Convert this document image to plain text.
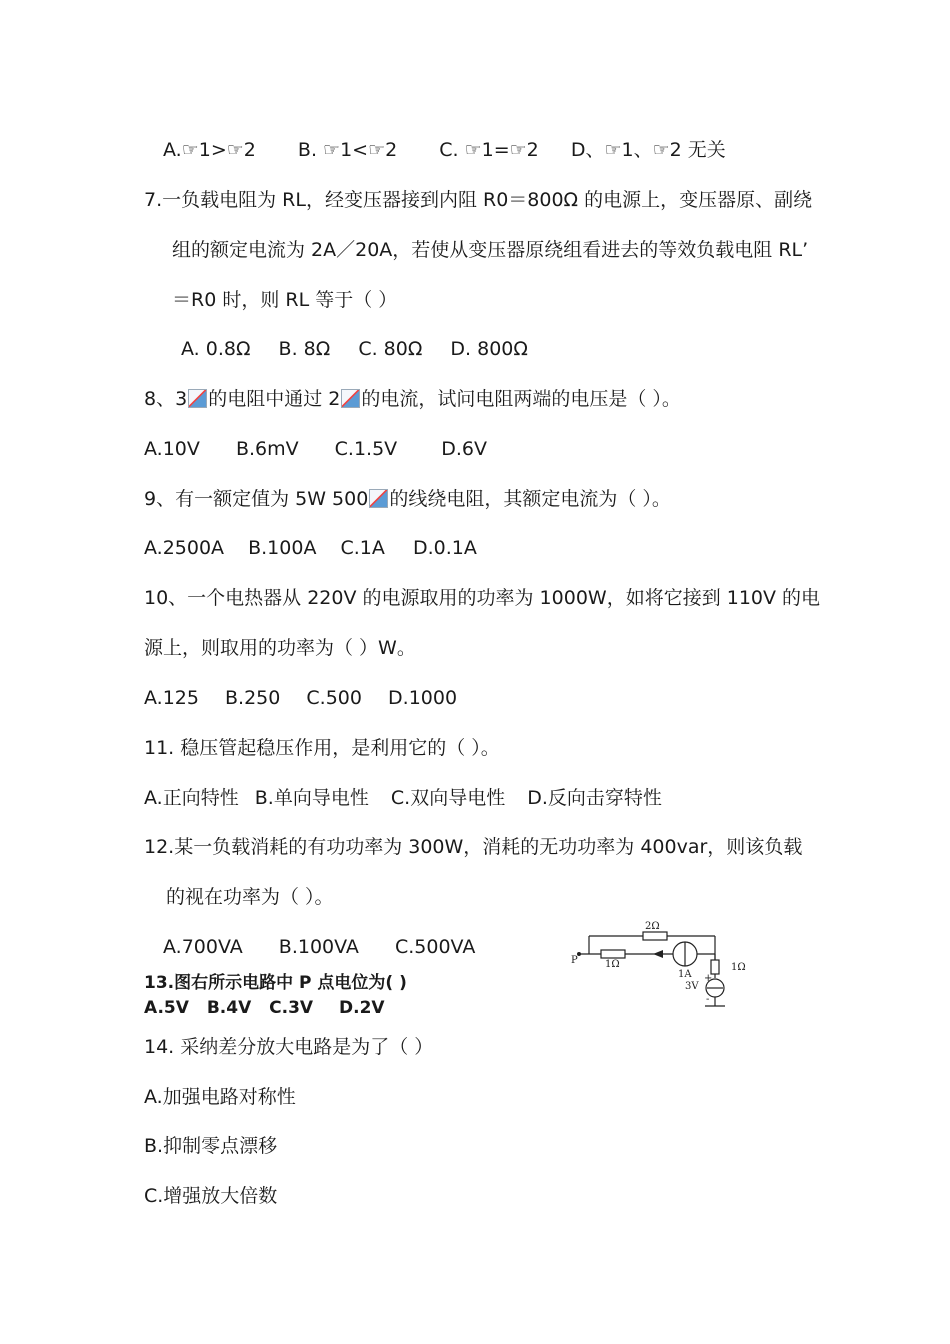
A.☞1>☞2 B. ☞1<☞2 C. ☞1=☞2 D、☞1、☞2 无关
7.一负载电阻为 RL，经变压器接到内阻 R0＝800Ω 的电源上，变压器原、副绕
组的额定电流为 2A／20A，若使从变压器原绕组看进去的等效负载电阻 RL’
＝R0 时，则 RL 等于（ ）
A. 0.8Ω B. 8Ω C. 80Ω D. 800Ω
8、3 的电阻中通过 2 的电流，试问电阻两端的电压是（ ）。
A.10V B.6mV C.1.5V D.6V
9、有一额定值为 5W 500 的线绕电阻，其额定电流为（ ）。
A.2500A B.100A C.1A D.0.1A
10、一个电热器从 220V 的电源取用的功率为 1000W，如将它接到 110V 的电
源上，则取用的功率为（ ）W。
A.125 B.250 C.500 D.1000
11. 稳压管起稳压作用，是利用它的（ ）。
A.正向特性 B.单向导电性 C.双向导电性 D.反向击穿特性
12.某一负载消耗的有功功率为 300W，消耗的无功功率为 400var，则该负载
的视在功率为（ ）。
A.700VA B.100VA C.500VA
13.图右所示电路中 P 点电位为( )
A.5V B.4V C.3V D.2V
2Ω
1Ω
P
1A
1Ω
3V
+
-
14. 采纳差分放大电路是为了（ ）
A.加强电路对称性
B.抑制零点漂移
C.增强放大倍数
